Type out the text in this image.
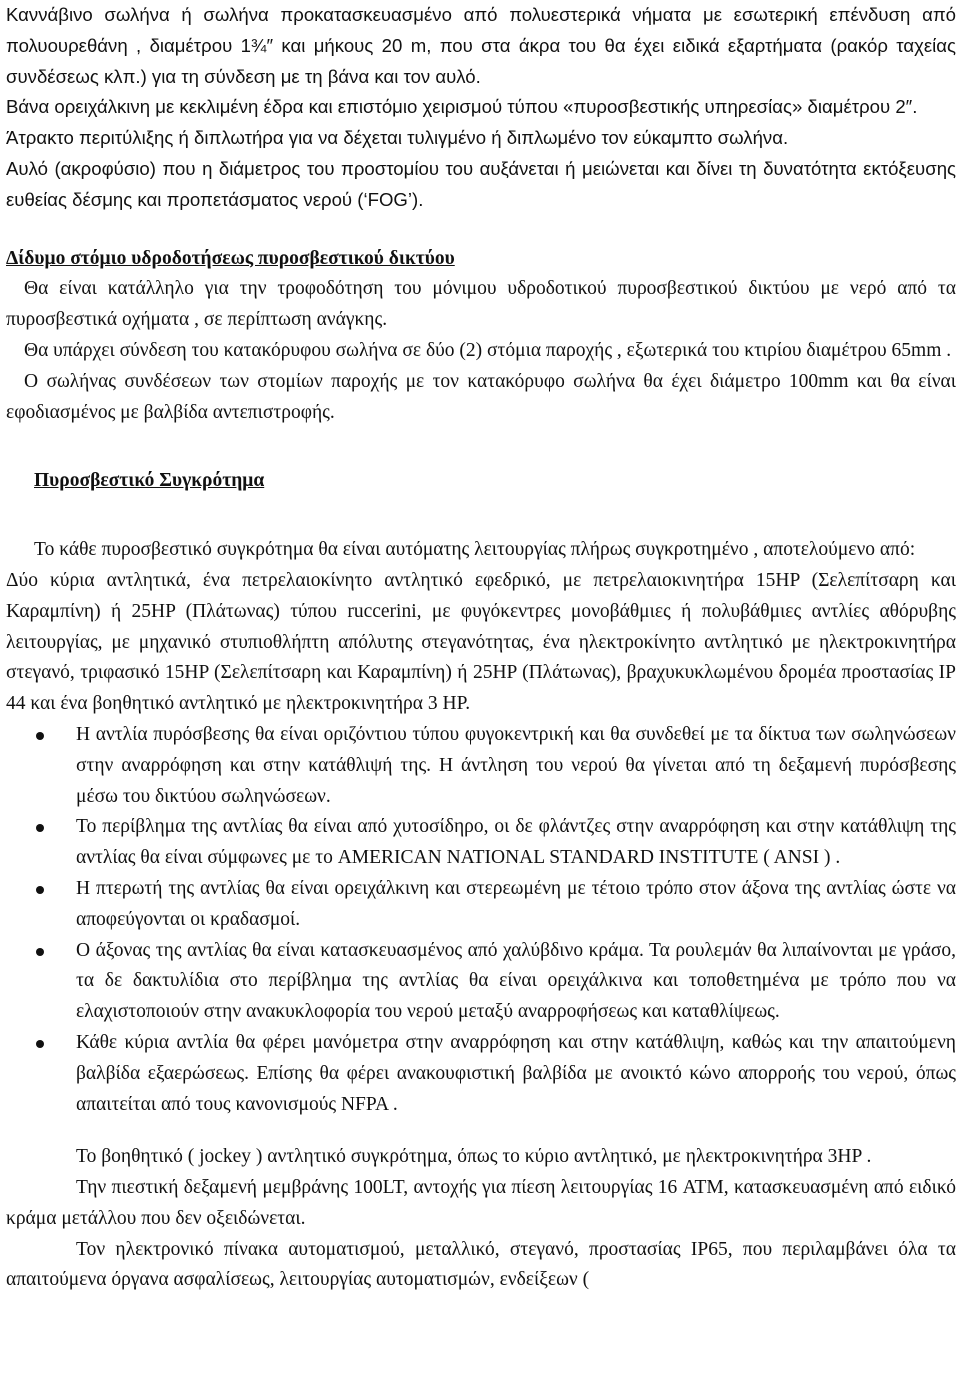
Καννάβινο σωλήνα ή σωλήνα προκατασκευασμένο από πολυεστερικά νήματα με εσωτερική επένδυση από πολυουρεθάνη , διαμέτρου 1¾″ και μήκους 20 m, που στα άκρα του θα έχει ειδικά εξαρτήματα (ρακόρ ταχείας συνδέσεως κλπ.) για τη σύνδεση με τη βάνα και τον αυλό.

Βάνα ορειχάλκινη με κεκλιμένη έδρα και επιστόμιο χειρισμού τύπου «πυροσβεστικής υπηρεσίας» διαμέτρου 2″.

Άτρακτο περιτύλιξης ή διπλωτήρα για να δέχεται τυλιγμένο ή διπλωμένο τον εύκαμπτο σωλήνα.

Αυλό (ακροφύσιο) που η διάμετρος του προστομίου του αυξάνεται ή μειώνεται και δίνει τη δυνατότητα εκτόξευσης ευθείας δέσμης και προπετάσματος νερού (‘FOG’).

Δίδυμο στόμιο υδροδοτήσεως πυροσβεστικού δικτύου

Θα είναι κατάλληλο για την τροφοδότηση του μόνιμου υδροδοτικού πυροσβεστικού δικτύου με νερό από τα πυροσβεστικά οχήματα , σε περίπτωση ανάγκης.

Θα υπάρχει σύνδεση του κατακόρυφου σωλήνα σε δύο (2) στόμια παροχής , εξωτερικά του κτιρίου διαμέτρου 65mm .

Ο σωλήνας συνδέσεων των στομίων παροχής με τον κατακόρυφο σωλήνα θα έχει διάμετρο 100mm και θα είναι εφοδιασμένος με βαλβίδα αντεπιστροφής.

Πυροσβεστικό Συγκρότημα

Το κάθε πυροσβεστικό συγκρότημα θα είναι αυτόματης λειτουργίας πλήρως συγκροτημένο , αποτελούμενο από:

Δύο κύρια αντλητικά, ένα πετρελαιοκίνητο αντλητικό εφεδρικό, με πετρελαιοκινητήρα 15HP (Σελεπίτσαρη και Καραμπίνη) ή 25HP (Πλάτωνας) τύπου ruccerini, με φυγόκεντρες μονοβάθμιες ή πολυβάθμιες αντλίες αθόρυβης λειτουργίας, με μηχανικό στυπιοθλήπτη απόλυτης στεγανότητας, ένα ηλεκτροκίνητο αντλητικό με ηλεκτροκινητήρα στεγανό, τριφασικό 15HP (Σελεπίτσαρη και Καραμπίνη) ή 25HP (Πλάτωνας), βραχυκυκλωμένου δρομέα προστασίας IP 44 και ένα βοηθητικό αντλητικό με ηλεκτροκινητήρα 3 HP.

Η αντλία πυρόσβεσης θα είναι οριζόντιου τύπου φυγοκεντρική και θα συνδεθεί με τα δίκτυα των σωληνώσεων στην αναρρόφηση και στην κατάθλιψή της. Η άντληση του νερού θα γίνεται από τη δεξαμενή πυρόσβεσης μέσω του δικτύου σωληνώσεων.
Το περίβλημα της αντλίας θα είναι από χυτοσίδηρο, οι δε φλάντζες στην αναρρόφηση και στην κατάθλιψη της αντλίας θα είναι σύμφωνες με το AMERICAN NATIONAL STANDARD INSTITUTE ( ANSI ) .
Η πτερωτή της αντλίας θα είναι ορειχάλκινη και στερεωμένη με τέτοιο τρόπο στον άξονα της αντλίας ώστε να αποφεύγονται οι κραδασμοί.
Ο άξονας της αντλίας θα είναι κατασκευασμένος από χαλύβδινο κράμα. Τα ρουλεμάν θα λιπαίνονται με γράσο, τα δε δακτυλίδια στο περίβλημα της αντλίας θα είναι ορειχάλκινα και τοποθετημένα με τρόπο που να ελαχιστοποιούν στην ανακυκλοφορία του νερού μεταξύ αναρροφήσεως και καταθλίψεως.
Κάθε κύρια αντλία θα φέρει μανόμετρα στην αναρρόφηση και στην κατάθλιψη, καθώς και την απαιτούμενη βαλβίδα εξαερώσεως. Επίσης θα φέρει ανακουφιστική βαλβίδα με ανοικτό κώνο απορροής του νερού, όπως απαιτείται από τους κανονισμούς NFPA .

Το βοηθητικό ( jockey ) αντλητικό συγκρότημα, όπως το κύριο αντλητικό, με ηλεκτροκινητήρα 3HP .

Την πιεστική δεξαμενή μεμβράνης 100LT, αντοχής για πίεση λειτουργίας 16 ATM, κατασκευασμένη από ειδικό κράμα μετάλλου που δεν οξειδώνεται.

Τον ηλεκτρονικό πίνακα αυτοματισμού, μεταλλικό, στεγανό, προστασίας IP65, που περιλαμβάνει όλα τα απαιτούμενα όργανα ασφαλίσεως, λειτουργίας αυτοματισμών, ενδείξεων (
